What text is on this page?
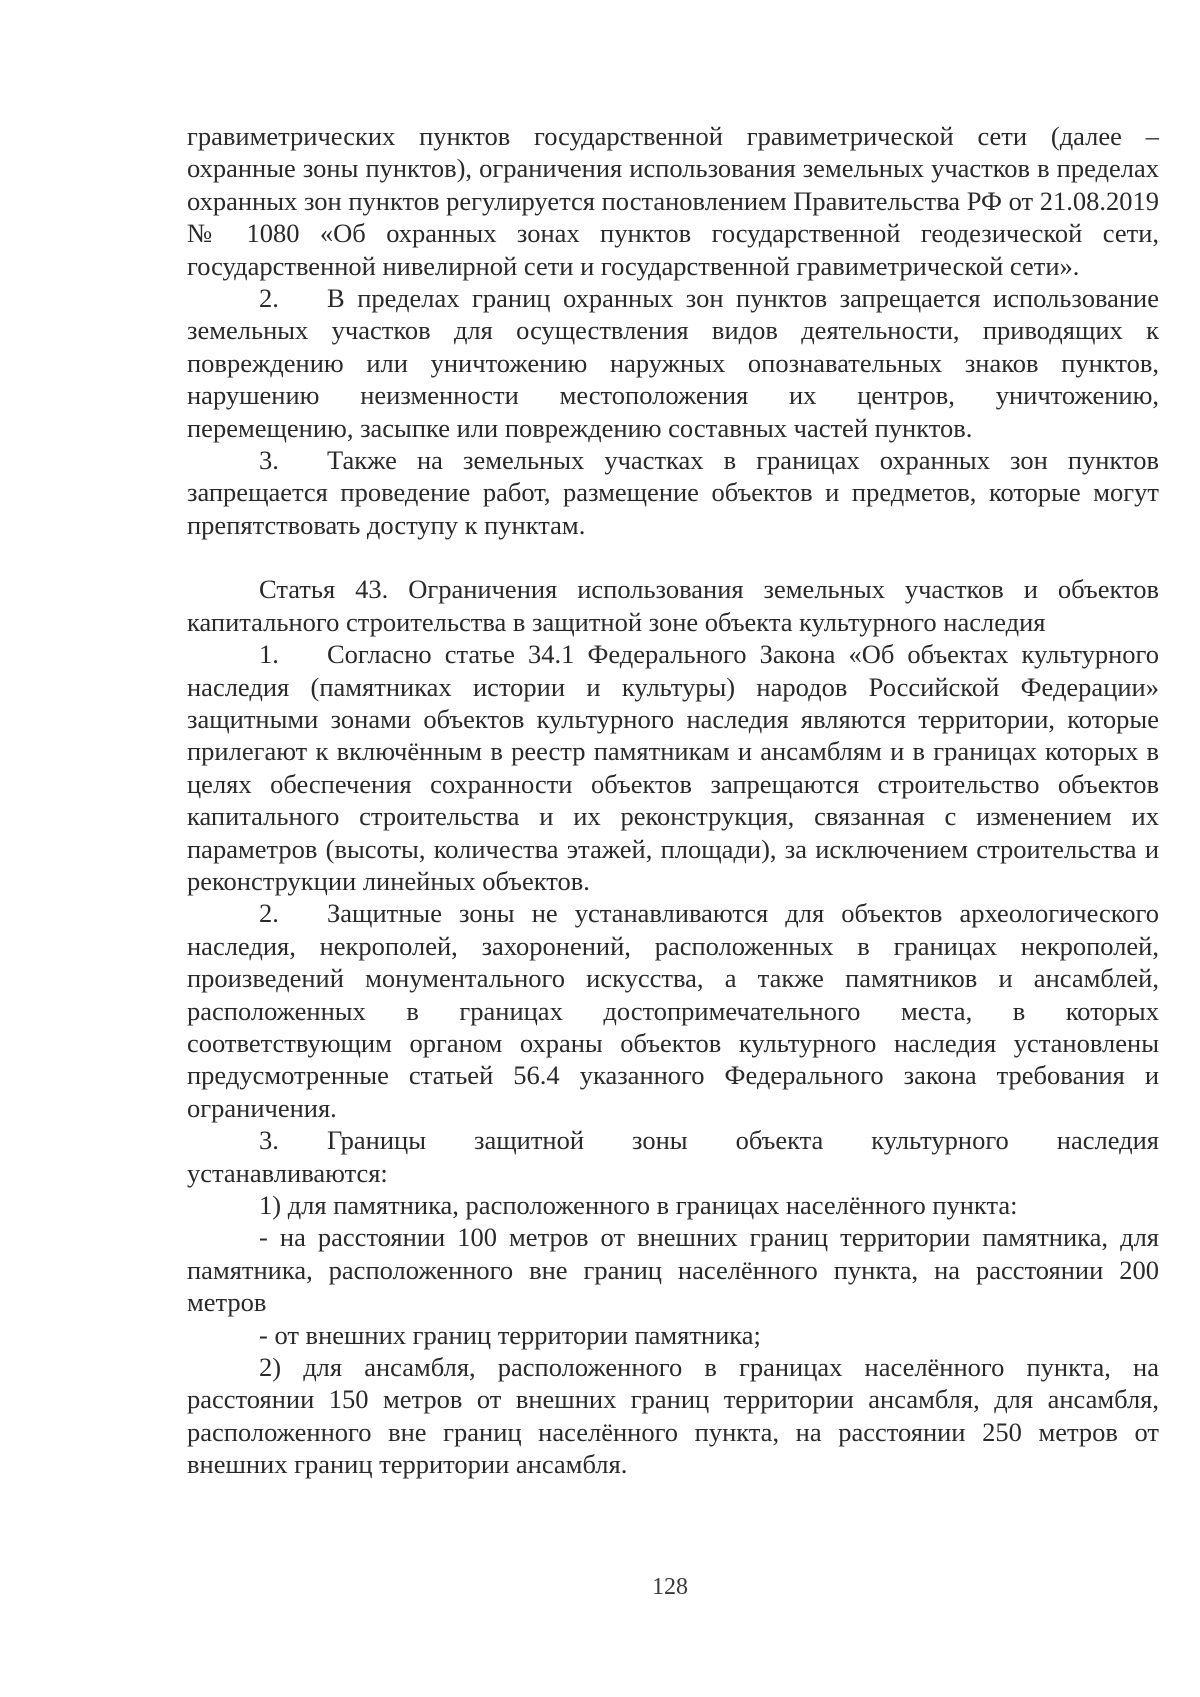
гравиметрических пунктов государственной гравиметрической сети (далее – охранные зоны пунктов), ограничения использования земельных участков в пределах охранных зон пунктов регулируется постановлением Правительства РФ от 21.08.2019 № 1080 «Об охранных зонах пунктов государственной геодезической сети, государственной нивелирной сети и государственной гравиметрической сети».

2. В пределах границ охранных зон пунктов запрещается использование земельных участков для осуществления видов деятельности, приводящих к повреждению или уничтожению наружных опознавательных знаков пунктов, нарушению неизменности местоположения их центров, уничтожению, перемещению, засыпке или повреждению составных частей пунктов.

3. Также на земельных участках в границах охранных зон пунктов запрещается проведение работ, размещение объектов и предметов, которые могут препятствовать доступу к пунктам.

Статья 43. Ограничения использования земельных участков и объектов капитального строительства в защитной зоне объекта культурного наследия

1. Согласно статье 34.1 Федерального Закона «Об объектах культурного наследия (памятниках истории и культуры) народов Российской Федерации» защитными зонами объектов культурного наследия являются территории, которые прилегают к включённым в реестр памятникам и ансамблям и в границах которых в целях обеспечения сохранности объектов запрещаются строительство объектов капитального строительства и их реконструкция, связанная с изменением их параметров (высоты, количества этажей, площади), за исключением строительства и реконструкции линейных объектов.

2. Защитные зоны не устанавливаются для объектов археологического наследия, некрополей, захоронений, расположенных в границах некрополей, произведений монументального искусства, а также памятников и ансамблей, расположенных в границах достопримечательного места, в которых соответствующим органом охраны объектов культурного наследия установлены предусмотренные статьей 56.4 указанного Федерального закона требования и ограничения.

3. Границы защитной зоны объекта культурного наследия устанавливаются:

1) для памятника, расположенного в границах населённого пункта:

- на расстоянии 100 метров от внешних границ территории памятника, для памятника, расположенного вне границ населённого пункта, на расстоянии 200 метров

- от внешних границ территории памятника;

2) для ансамбля, расположенного в границах населённого пункта, на расстоянии 150 метров от внешних границ территории ансамбля, для ансамбля, расположенного вне границ населённого пункта, на расстоянии 250 метров от внешних границ территории ансамбля.

128
